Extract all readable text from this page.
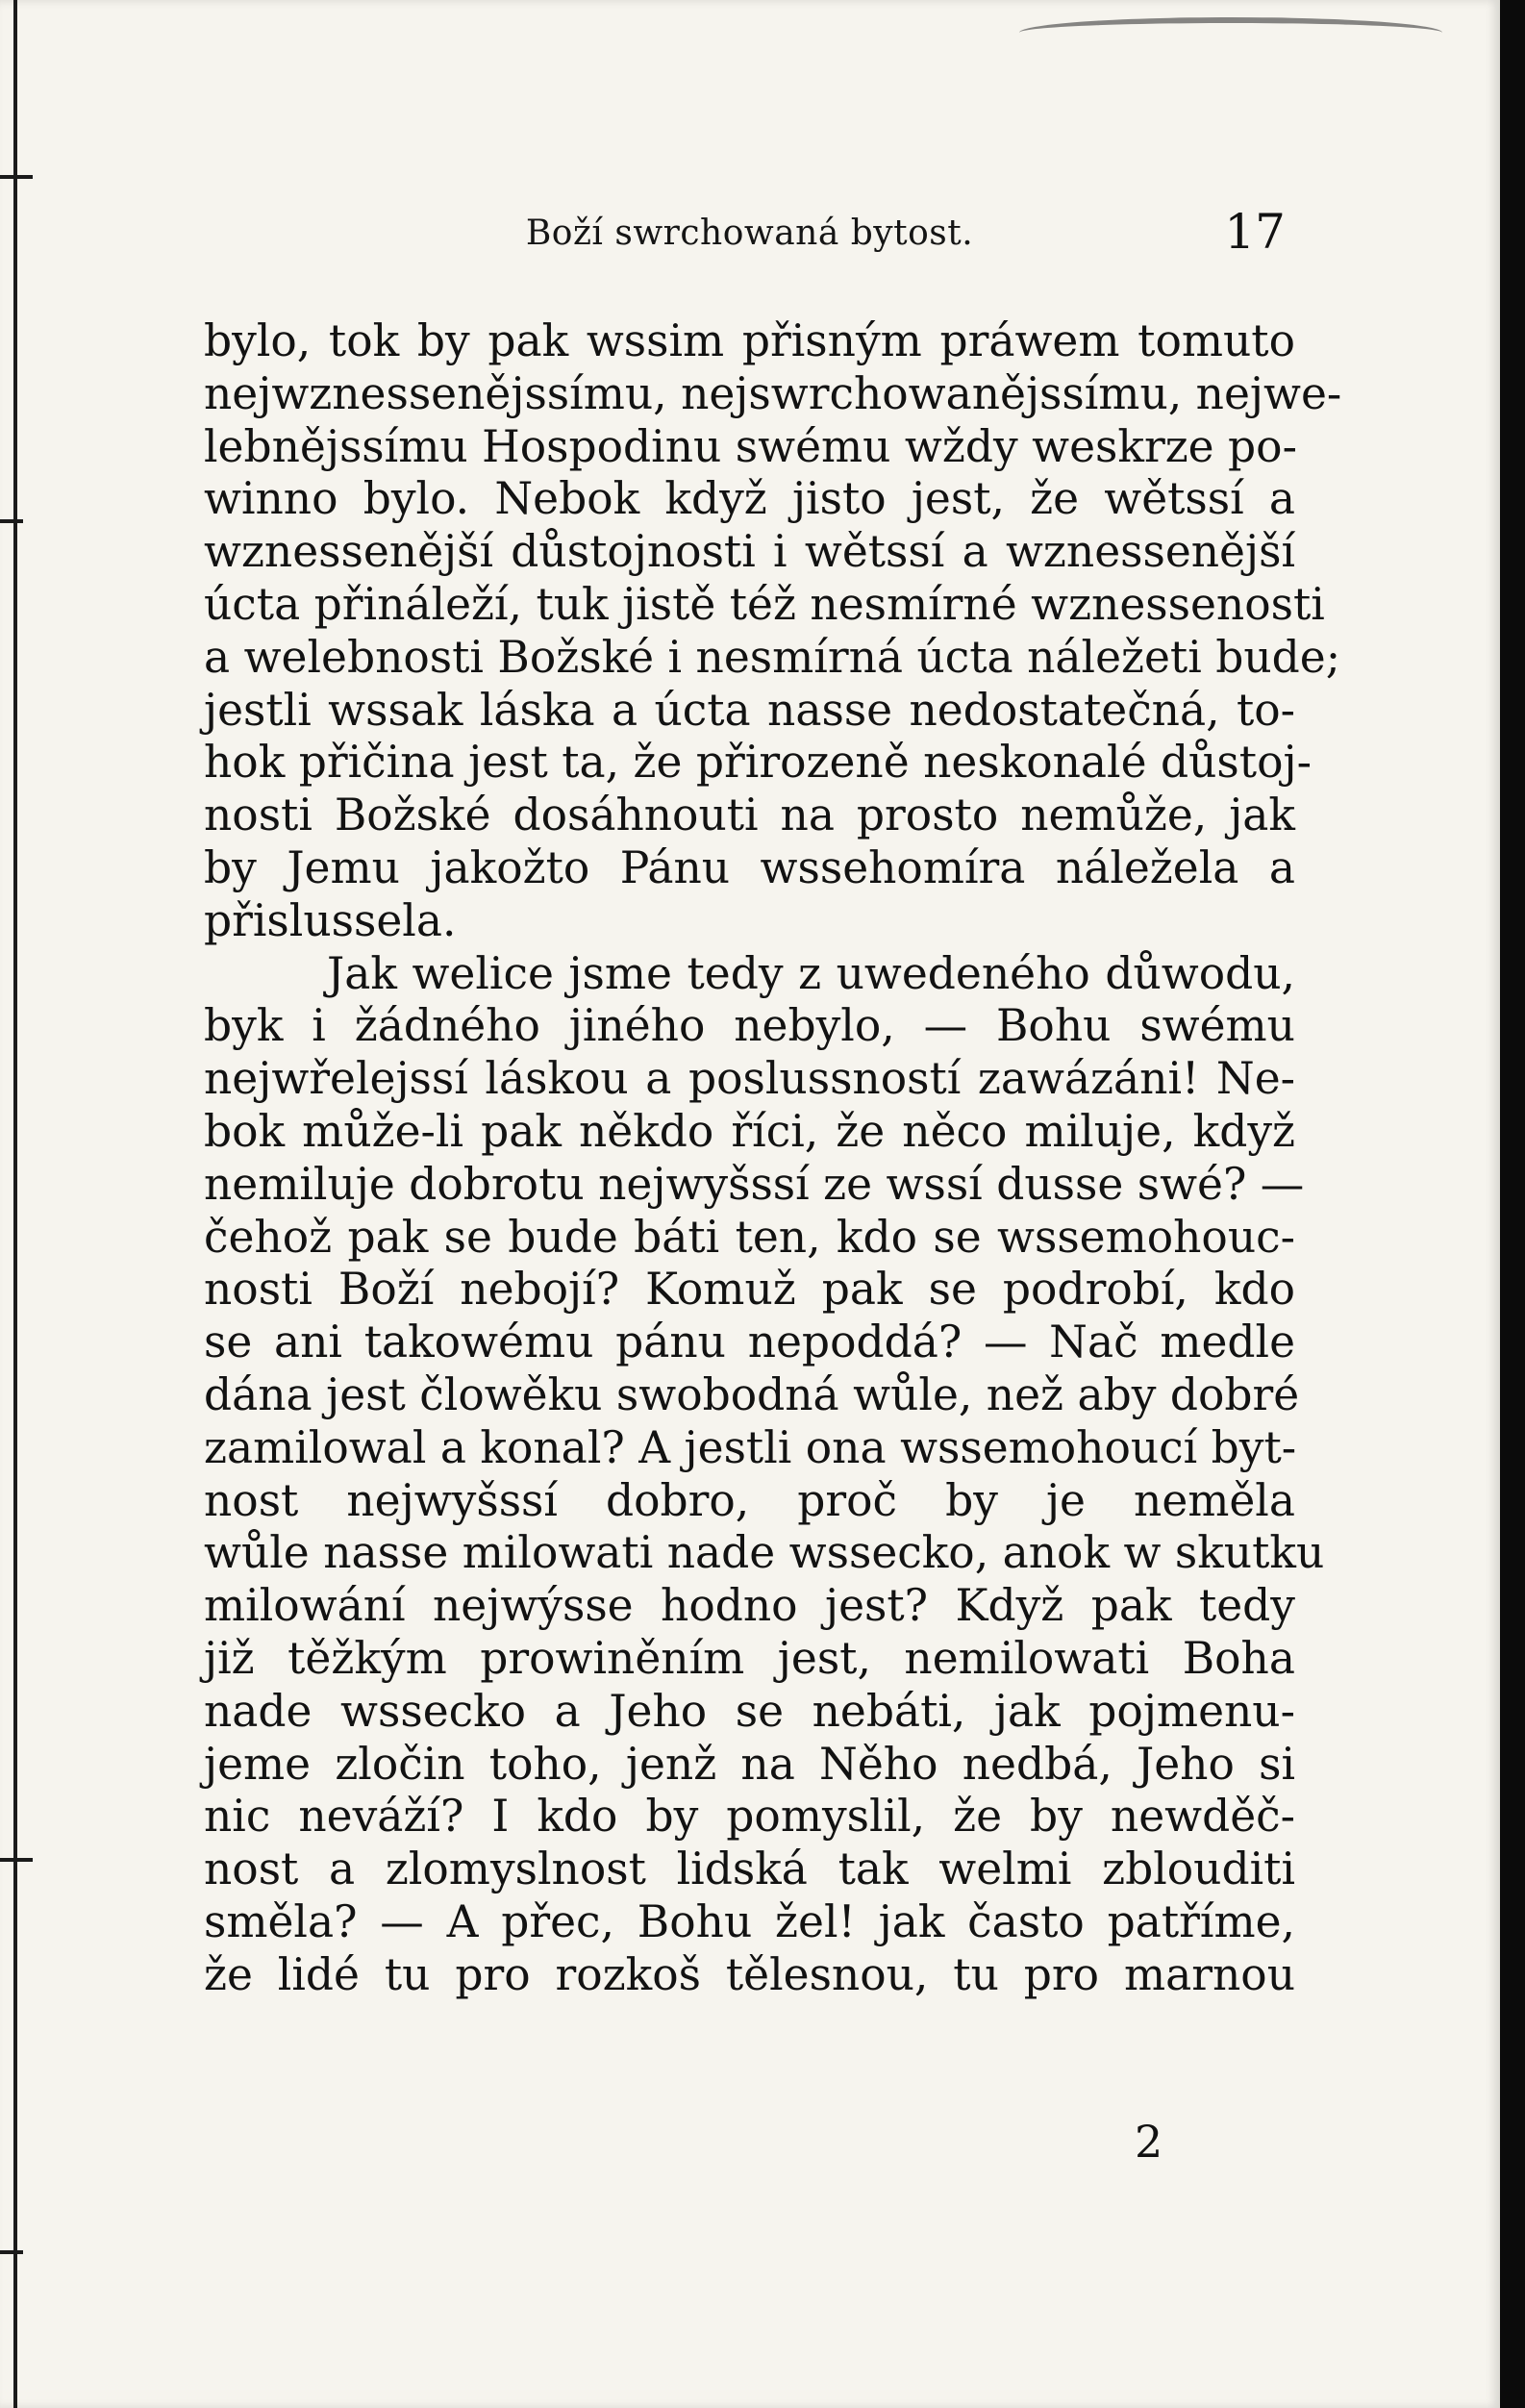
Boží swrchowaná bytost.	17
bylo, tok by pak wssim přisným práwem tomuto
nejwznessenějssímu, nejswrchowanějssímu, nejwe-
lebnějssímu Hospodinu swému wždy weskrze po-
winno bylo. Nebok když jisto jest, že wětssí a
wznessenější důstojnosti i wětssí a wznessenější
úcta přináleží, tuk jistě též nesmírné wznessenosti
a welebnosti Božské i nesmírná úcta náležeti bude;
jestli wssak láska a úcta nasse nedostatečná, to-
hok přičina jest ta, že přirozeně neskonalé důstoj-
nosti Božské dosáhnouti na prosto nemůže, jak
by Jemu jakožto Pánu wssehomíra náležela a
přislussela.
Jak welice jsme tedy z uwedeného důwodu,
byk i žádného jiného nebylo, — Bohu swému
nejwřelejssí láskou a poslussností zawázáni! Ne-
bok může-li pak někdo říci, že něco miluje, když
nemiluje dobrotu nejwyšssí ze wssí dusse swé? —
čehož pak se bude báti ten, kdo se wssemohouc-
nosti Boží nebojí? Komuž pak se podrobí, kdo
se ani takowému pánu nepoddá? — Nač medle
dána jest člowěku swobodná wůle, než aby dobré
zamilowal a konal? A jestli ona wssemohoucí byt-
nost nejwyšssí dobro, proč by je neměla
wůle nasse milowati nade wssecko, anok w skutku
milowání nejwýsse hodno jest? Když pak tedy
již těžkým prowiněním jest, nemilowati Boha
nade wssecko a Jeho se nebáti, jak pojmenu-
jeme zločin toho, jenž na Něho nedbá, Jeho si
nic neváží? I kdo by pomyslil, že by newděč-
nost a zlomyslnost lidská tak welmi zblouditi
směla? — A přec, Bohu žel! jak často patříme,
že lidé tu pro rozkoš tělesnou, tu pro marnou
2
